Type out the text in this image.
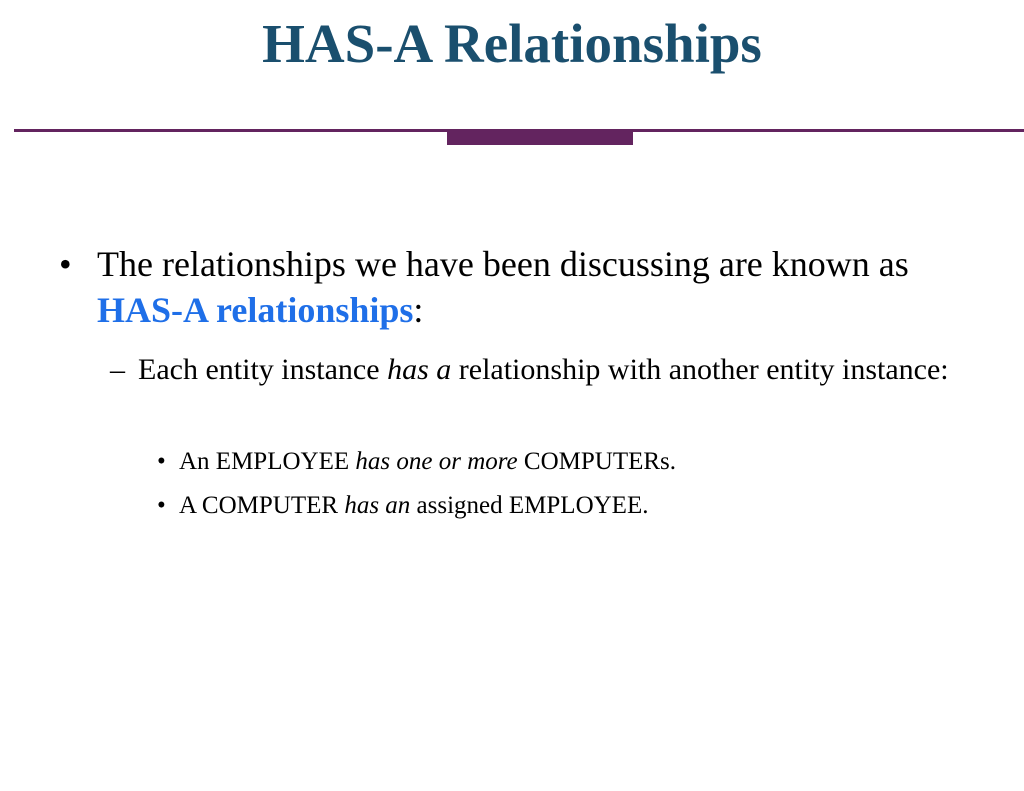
HAS-A Relationships

• The relationships we have been discussing are known as HAS-A relationships:

– Each entity instance has a relationship with another entity instance:

• An EMPLOYEE has one or more COMPUTERs.

• A COMPUTER has an assigned EMPLOYEE.
